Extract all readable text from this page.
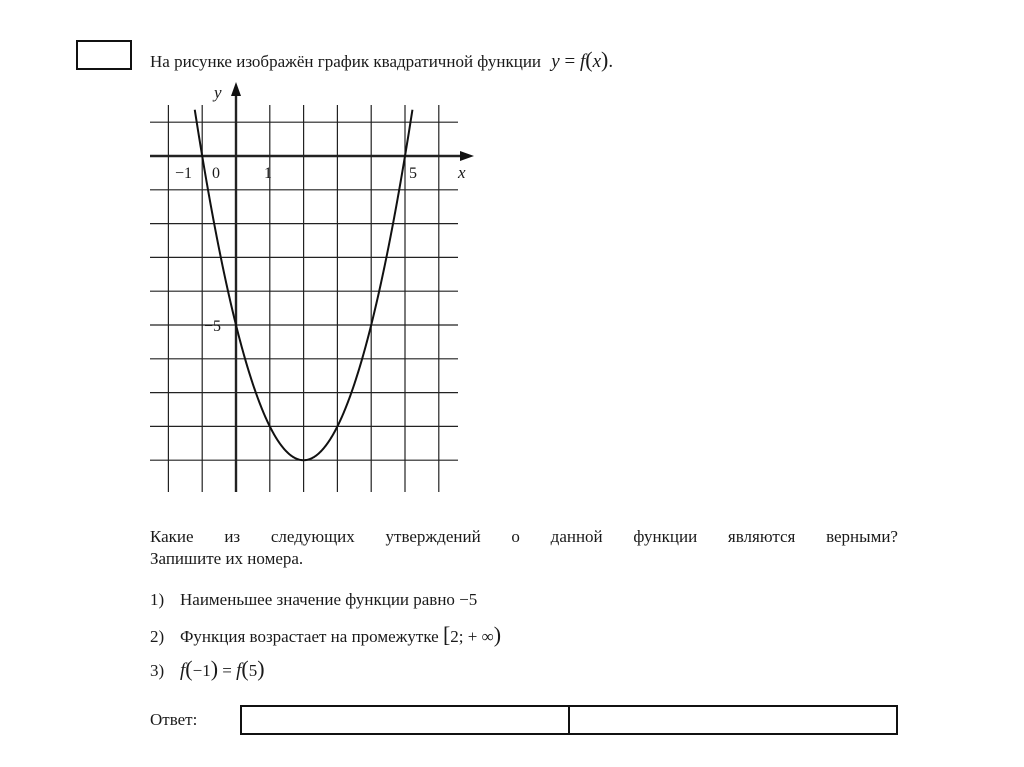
На рисунке изображён график квадратичной функции y = f(x).
y
x
−1 0	1	5
−5
Какие из следующих утверждений о данной функции являются верными?
Запишите их номера.
1) Наименьшее значение функции равно −5
2) Функция возрастает на промежутке [2; + ∞)
3) f(−1) = f(5)
Ответ:
